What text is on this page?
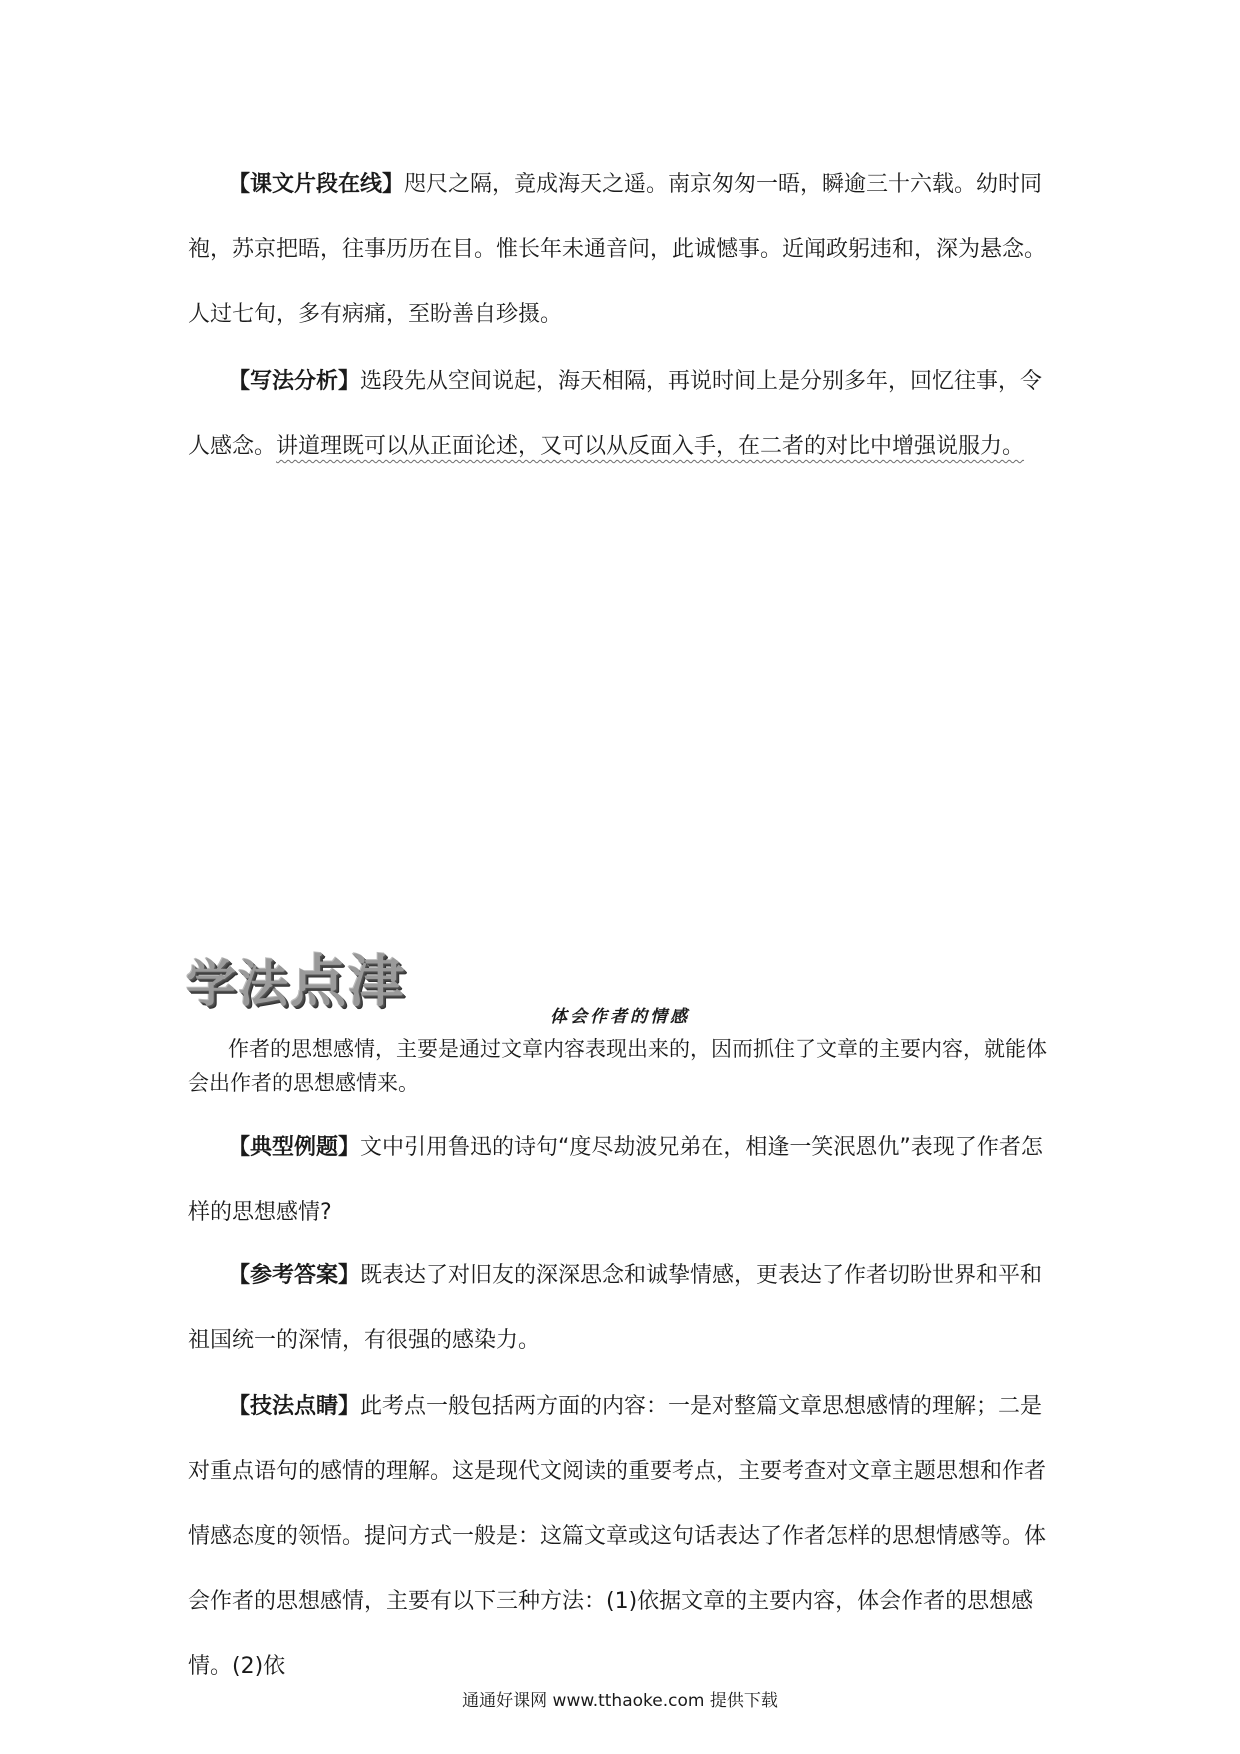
【课文片段在线】咫尺之隔，竟成海天之遥。南京匆匆一晤，瞬逾三十六载。幼时同袍，苏京把晤，往事历历在目。惟长年未通音问，此诚憾事。近闻政躬违和，深为悬念。人过七旬，多有病痛，至盼善自珍摄。

【写法分析】选段先从空间说起，海天相隔，再说时间上是分别多年，回忆往事，令人感念。讲道理既可以从正面论述，又可以从反面入手，在二者的对比中增强说服力。

学法点津
体会作者的情感

作者的思想感情，主要是通过文章内容表现出来的，因而抓住了文章的主要内容，就能体会出作者的思想感情来。

【典型例题】文中引用鲁迅的诗句“度尽劫波兄弟在，相逢一笑泯恩仇”表现了作者怎样的思想感情?

【参考答案】既表达了对旧友的深深思念和诚挚情感，更表达了作者切盼世界和平和祖国统一的深情，有很强的感染力。

【技法点睛】此考点一般包括两方面的内容：一是对整篇文章思想感情的理解；二是对重点语句的感情的理解。这是现代文阅读的重要考点，主要考查对文章主题思想和作者情感态度的领悟。提问方式一般是：这篇文章或这句话表达了作者怎样的思想情感等。体会作者的思想感情，主要有以下三种方法：(1)依据文章的主要内容，体会作者的思想感情。(2)依

通通好课网 www.tthaoke.com 提供下载
